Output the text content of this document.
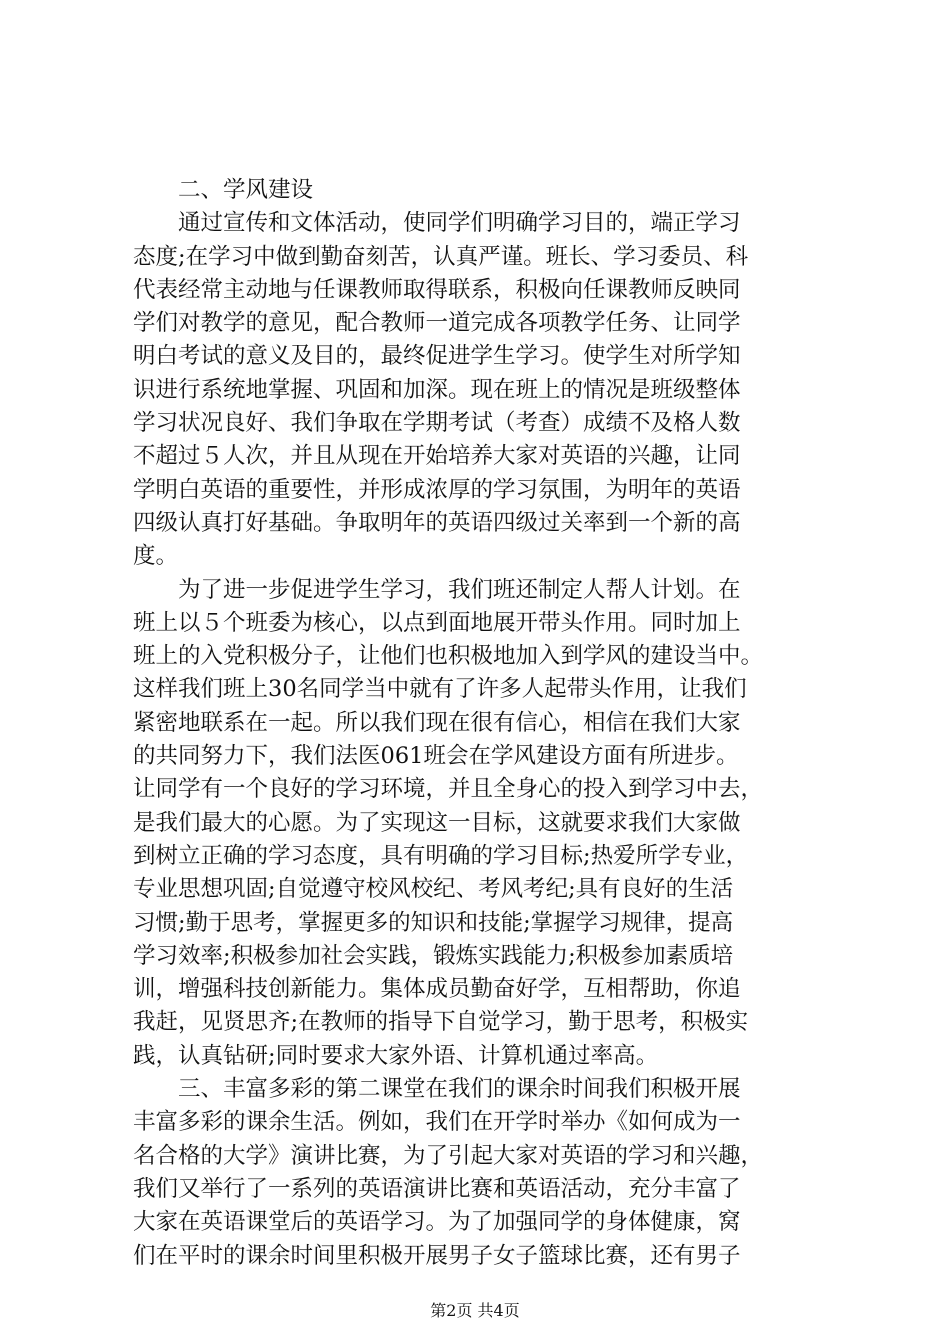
　　二、学风建设
　　通过宣传和文体活动，使同学们明确学习目的，端正学习
态度;在学习中做到勤奋刻苦，认真严谨。班长、学习委员、科
代表经常主动地与任课教师取得联系，积极向任课教师反映同
学们对教学的意见，配合教师一道完成各项教学任务、让同学
明白考试的意义及目的，最终促进学生学习。使学生对所学知
识进行系统地掌握、巩固和加深。现在班上的情况是班级整体
学习状况良好、我们争取在学期考试（考查）成绩不及格人数
不超过５人次，并且从现在开始培养大家对英语的兴趣，让同
学明白英语的重要性，并形成浓厚的学习氛围，为明年的英语
四级认真打好基础。争取明年的英语四级过关率到一个新的高
度。
　　为了进一步促进学生学习，我们班还制定人帮人计划。在
班上以５个班委为核心，以点到面地展开带头作用。同时加上
班上的入党积极分子，让他们也积极地加入到学风的建设当中。
这样我们班上30名同学当中就有了许多人起带头作用，让我们
紧密地联系在一起。所以我们现在很有信心，相信在我们大家
的共同努力下，我们法医061班会在学风建设方面有所进步。
让同学有一个良好的学习环境，并且全身心的投入到学习中去，
是我们最大的心愿。为了实现这一目标，这就要求我们大家做
到树立正确的学习态度，具有明确的学习目标;热爱所学专业，
专业思想巩固;自觉遵守校风校纪、考风考纪;具有良好的生活
习惯;勤于思考，掌握更多的知识和技能;掌握学习规律，提高
学习效率;积极参加社会实践，锻炼实践能力;积极参加素质培
训，增强科技创新能力。集体成员勤奋好学，互相帮助，你追
我赶，见贤思齐;在教师的指导下自觉学习，勤于思考，积极实
践，认真钻研;同时要求大家外语、计算机通过率高。
　　三、丰富多彩的第二课堂在我们的课余时间我们积极开展
丰富多彩的课余生活。例如，我们在开学时举办《如何成为一
名合格的大学》演讲比赛，为了引起大家对英语的学习和兴趣，
我们又举行了一系列的英语演讲比赛和英语活动，充分丰富了
大家在英语课堂后的英语学习。为了加强同学的身体健康，窝
们在平时的课余时间里积极开展男子女子篮球比赛，还有男子
第2页 共4页
